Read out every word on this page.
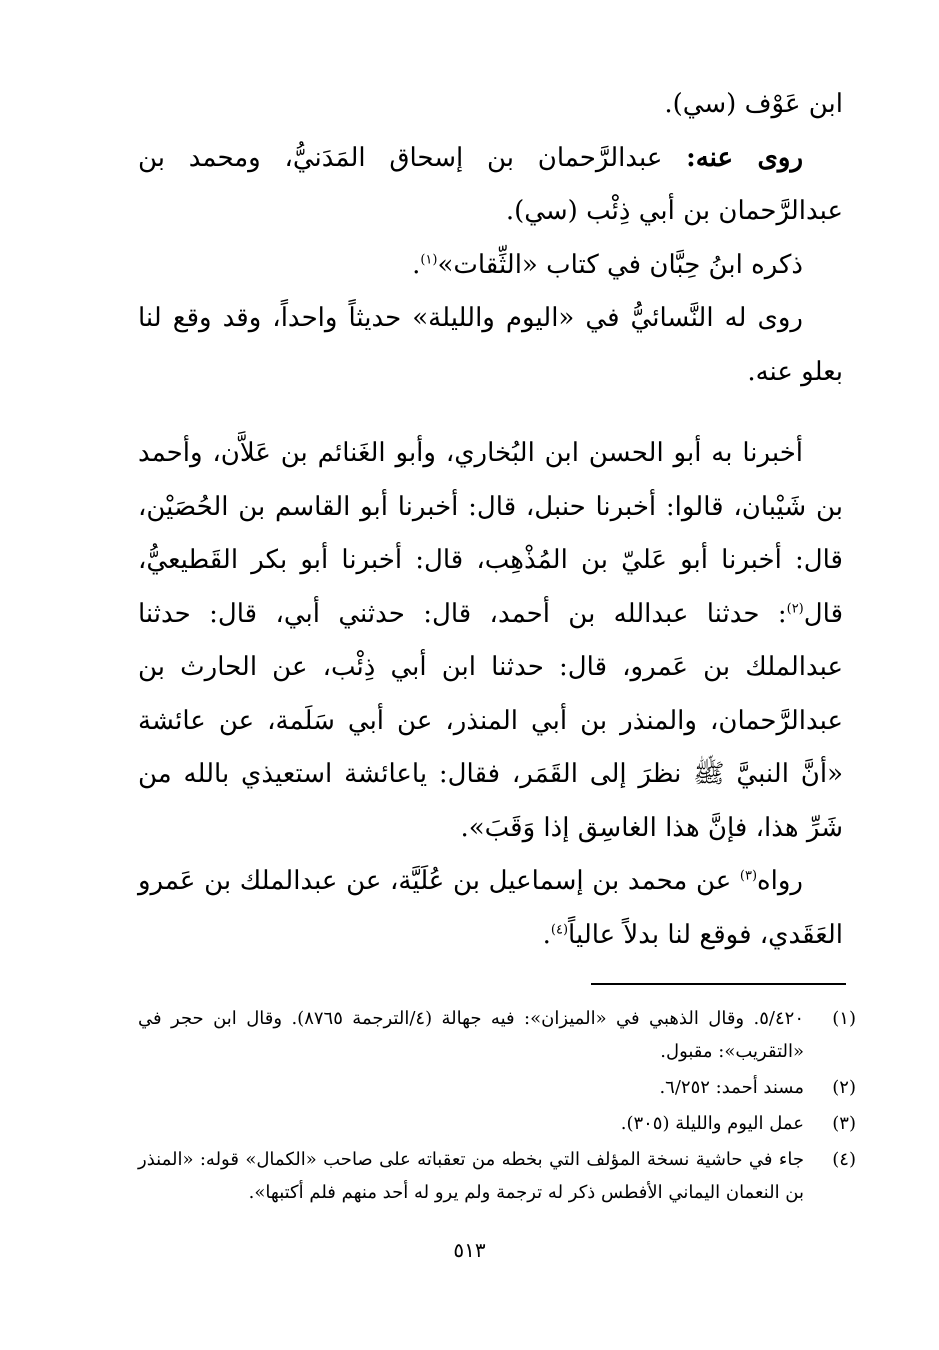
ابن عَوْف (سي).

روى عنه: عبدالرَّحمان بن إسحاق المَدَنيُّ، ومحمد بن عبدالرَّحمان بن أبي ذِئْب (سي).

ذكره ابنُ حِبَّان في كتاب «الثِّقات»$^{(١)}$.

روى له النَّسائيُّ في «اليوم والليلة» حديثاً واحداً، وقد وقع لنا بعلو عنه.

أخبرنا به أبو الحسن ابن البُخاري، وأبو الغَنائم بن عَلاَّن، وأحمد بن شَيْبان، قالوا: أخبرنا حنبل، قال: أخبرنا أبو القاسم بن الحُصَيْن، قال: أخبرنا أبو عَليّ بن المُذْهِب، قال: أخبرنا أبو بكر القَطيعيُّ، قال$^{(٢)}$: حدثنا عبدالله بن أحمد، قال: حدثني أبي، قال: حدثنا عبدالملك بن عَمرو، قال: حدثنا ابن أبي ذِئْب، عن الحارث بن عبدالرَّحمان، والمنذر بن أبي المنذر، عن أبي سَلَمة، عن عائشة «أنَّ النبيَّ ﷺ نظرَ إلى القَمَر، فقال: ياعائشة استعيذي بالله من شَرِّ هذا، فإنَّ هذا الغاسِق إذا وَقَبَ».

رواه$^{(٣)}$ عن محمد بن إسماعيل بن عُلَيَّة، عن عبدالملك بن عَمرو العَقَدي، فوقع لنا بدلاً عالياً$^{(٤)}$.

(١)
٥/٤٢٠. وقال الذهبي في «الميزان»: فيه جهالة (٤/الترجمة ٨٧٦٥). وقال ابن حجر في «التقريب»: مقبول.
(٢)
مسند أحمد: ٦/٢٥٢.
(٣)
عمل اليوم والليلة (٣٠٥).
(٤)
جاء في حاشية نسخة المؤلف التي بخطه من تعقباته على صاحب «الكمال» قوله: «المنذر بن النعمان اليماني الأفطس ذكر له ترجمة ولم يرو له أحد منهم فلم أكتبها».
٥١٣
